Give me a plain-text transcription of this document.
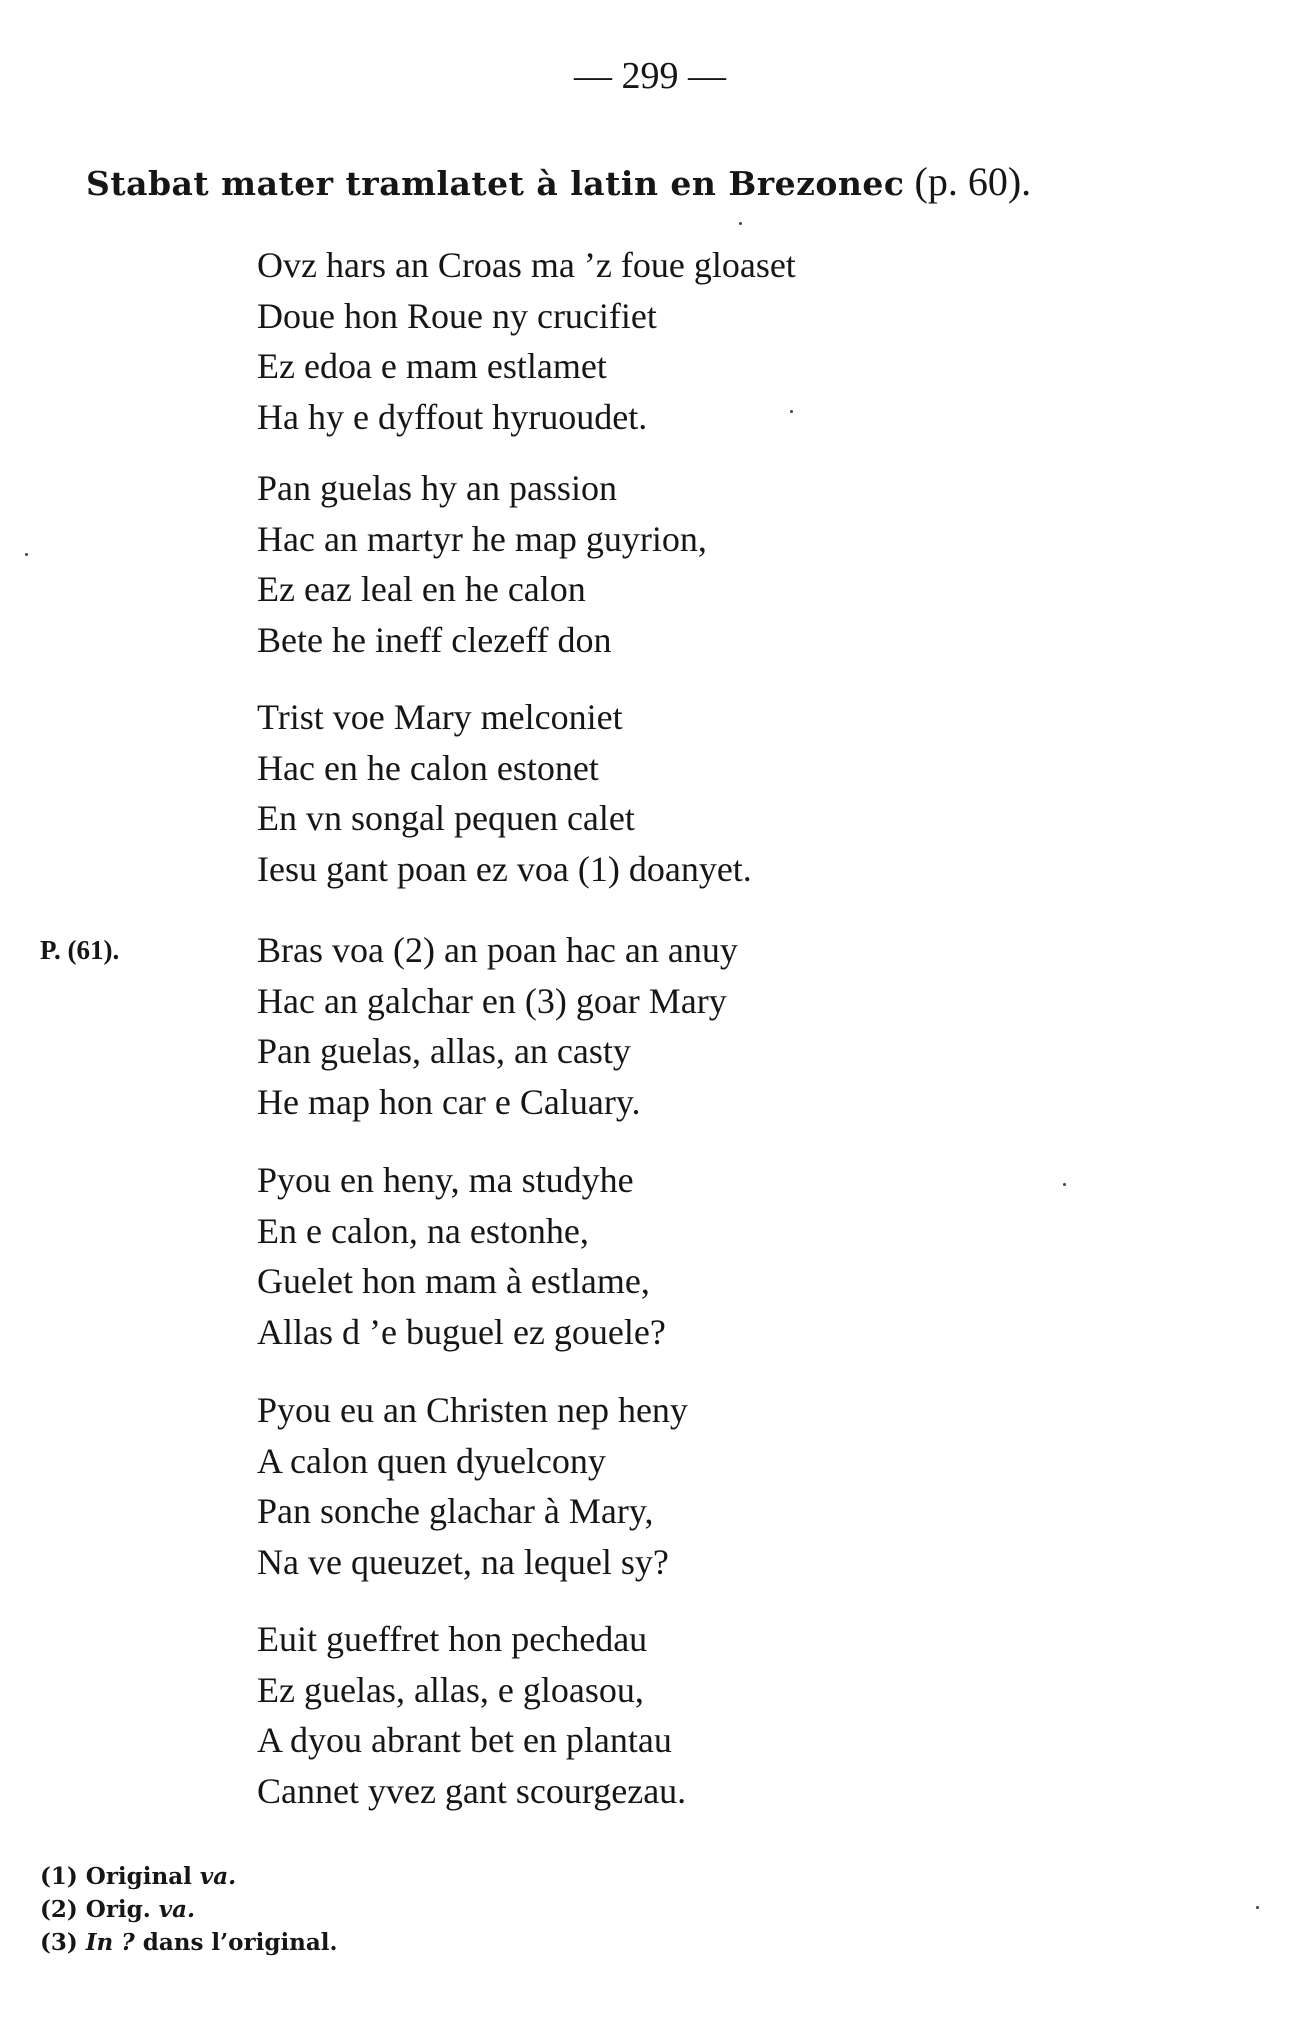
— 299 —
Stabat mater tramlatet à latin en Brezonec (p. 60).
P. (61).
Ovz hars an Croas ma ’z foue gloaset
Doue hon Roue ny crucifiet
Ez edoa e mam estlamet
Ha hy e dyffout hyruoudet.
Pan guelas hy an passion
Hac an martyr he map guyrion,
Ez eaz leal en he calon
Bete he ineff clezeff don
Trist voe Mary melconiet
Hac en he calon estonet
En vn songal pequen calet
Iesu gant poan ez voa (1) doanyet.
Bras voa (2) an poan hac an anuy
Hac an galchar en (3) goar Mary
Pan guelas, allas, an casty
He map hon car e Caluary.
Pyou en heny, ma studyhe
En e calon, na estonhe,
Guelet hon mam à estlame,
Allas d ’e buguel ez gouele?
Pyou eu an Christen nep heny
A calon quen dyuelcony
Pan sonche glachar à Mary,
Na ve queuzet, na lequel sy?
Euit gueffret hon pechedau
Ez guelas, allas, e gloasou,
A dyou abrant bet en plantau
Cannet yvez gant scourgezau.
(1) Original va.
(2) Orig. va.
(3) In ? dans l’original.
